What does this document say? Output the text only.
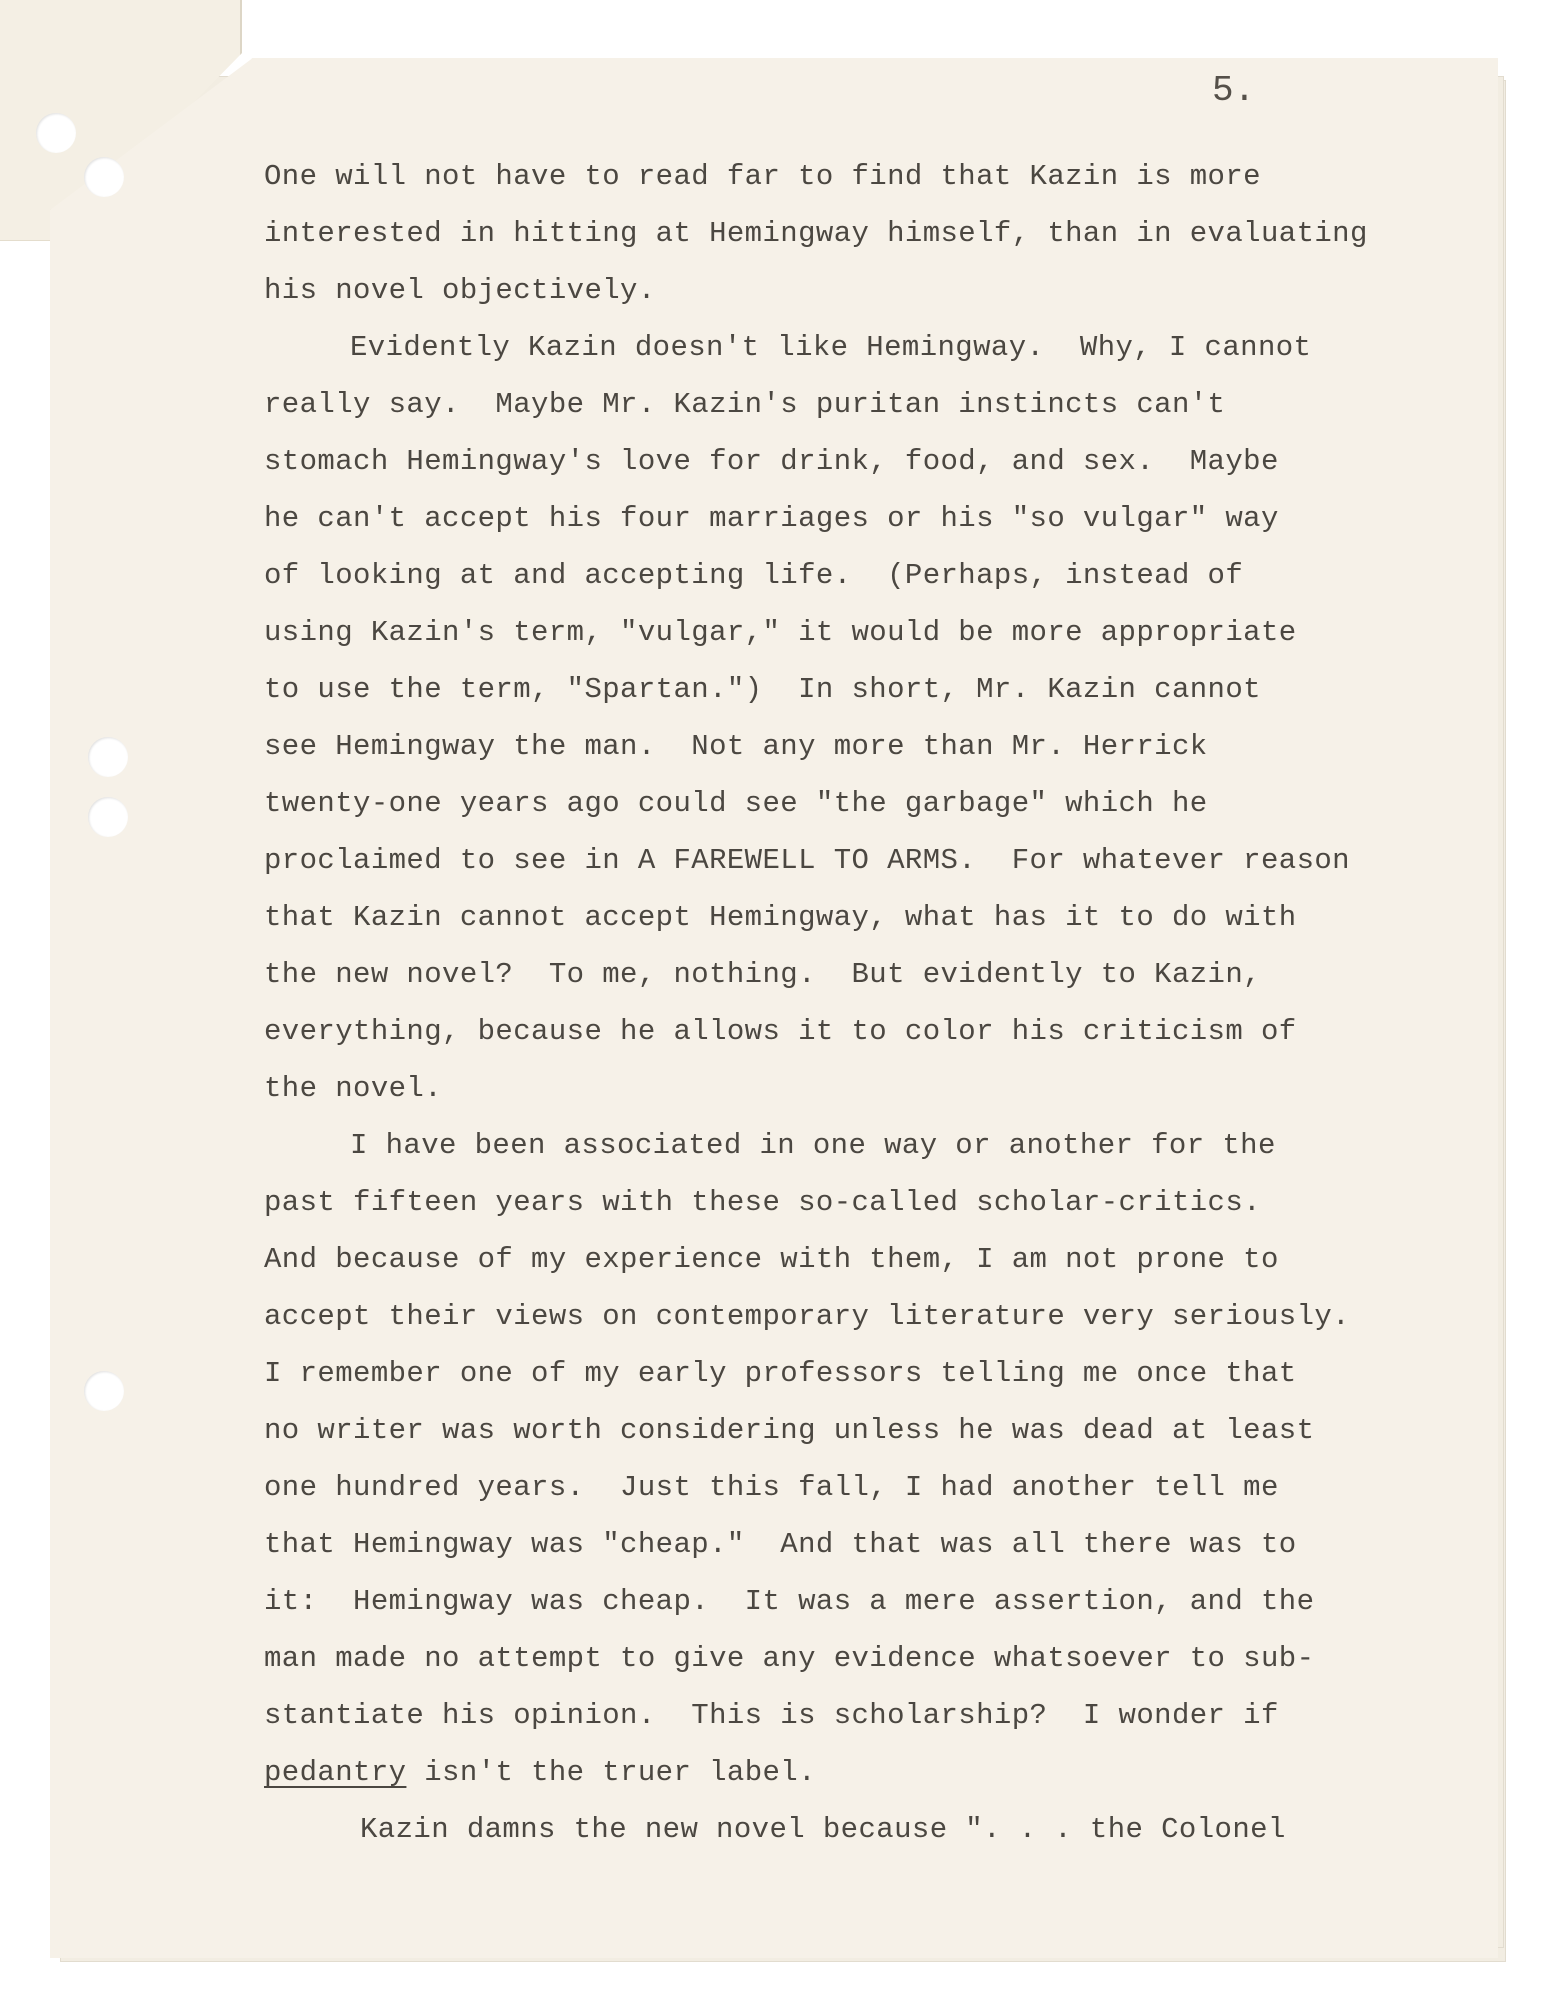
5.
One will not have to read far to find that Kazin is more
interested in hitting at Hemingway himself, than in evaluating
his novel objectively.
Evidently Kazin doesn't like Hemingway.  Why, I cannot
really say.  Maybe Mr. Kazin's puritan instincts can't
stomach Hemingway's love for drink, food, and sex.  Maybe
he can't accept his four marriages or his "so vulgar" way
of looking at and accepting life.  (Perhaps, instead of
using Kazin's term, "vulgar," it would be more appropriate
to use the term, "Spartan.")  In short, Mr. Kazin cannot
see Hemingway the man.  Not any more than Mr. Herrick
twenty-one years ago could see "the garbage" which he
proclaimed to see in A FAREWELL TO ARMS.  For whatever reason
that Kazin cannot accept Hemingway, what has it to do with
the new novel?  To me, nothing.  But evidently to Kazin,
everything, because he allows it to color his criticism of
the novel.
I have been associated in one way or another for the
past fifteen years with these so-called scholar-critics.
And because of my experience with them, I am not prone to
accept their views on contemporary literature very seriously.
I remember one of my early professors telling me once that
no writer was worth considering unless he was dead at least
one hundred years.  Just this fall, I had another tell me
that Hemingway was "cheap."  And that was all there was to
it:  Hemingway was cheap.  It was a mere assertion, and the
man made no attempt to give any evidence whatsoever to sub-
stantiate his opinion.  This is scholarship?  I wonder if
pedantry isn't the truer label.
Kazin damns the new novel because ". . . the Colonel
